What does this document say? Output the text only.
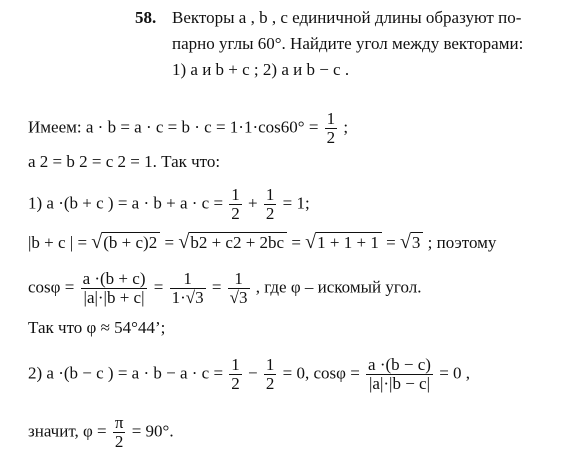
58. Векторы a , b , c единичной длины образуют по-
парно углы 60°. Найдите угол между векторами:
1) a и b + c ; 2) a и b − c .
Имеем: $a \cdot b = a \cdot c = b \cdot c = 1\cdot 1\cdot\cos 60^\circ = \frac{1}{2}$ ;
a 2 = b 2 = c 2 = 1. Так что:
1) a ·(b + c ) = $a \cdot b + a \cdot c = \frac{1}{2} + \frac{1}{2} = 1$;
|b + c | = √(b + c)2 = √b2 + c2 + 2bc = √1 + 1 + 1 = √3 ; поэтому
$\cos\varphi = \frac{a \cdot(b + c)}{|a|\cdot|b + c|} = \frac{1}{1\cdot√3} = \frac{1}{√3}$ , где φ – искомый угол.
Так что φ ≈ 54°44’;
2) a ·(b − c ) = $a \cdot b - a \cdot c = \frac{1}{2} - \frac{1}{2} = 0$, $\cos\varphi = \frac{a \cdot(b - c)}{|a|\cdot|b - c|} = 0$ ,
значит, $\varphi = \frac{\pi}{2} = 90^\circ$.
